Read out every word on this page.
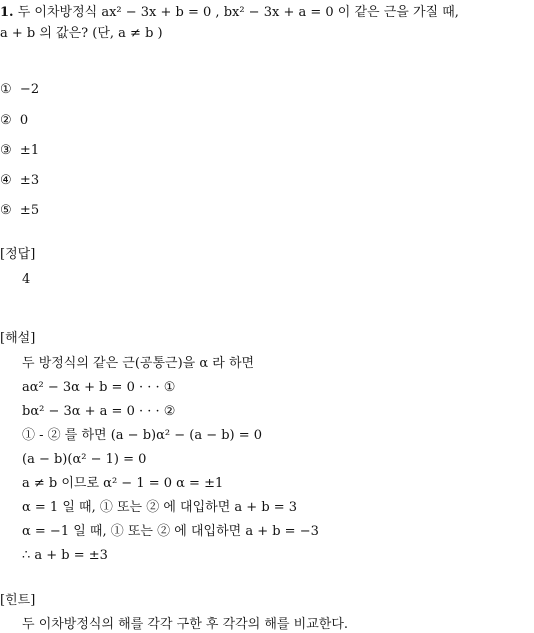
1. 두 이차방정식 ax² − 3x + b = 0 , bx² − 3x + a = 0 이 같은 근을 가질 때,
a + b 의 값은? (단, a ≠ b )
① −2
② 0
③ ±1
④ ±3
⑤ ±5
[정답]
4
[해설]
두 방정식의 같은 근(공통근)을 α 라 하면
aα² − 3α + b = 0 · · · ①
bα² − 3α + a = 0 · · · ②
① - ② 를 하면 (a − b)α² − (a − b) = 0
(a − b)(α² − 1) = 0
a ≠ b 이므로 α² − 1 = 0 α = ±1
α = 1 일 때, ① 또는 ② 에 대입하면 a + b = 3
α = −1 일 때, ① 또는 ② 에 대입하면 a + b = −3
∴ a + b = ±3
[힌트]
두 이차방정식의 해를 각각 구한 후 각각의 해를 비교한다.
